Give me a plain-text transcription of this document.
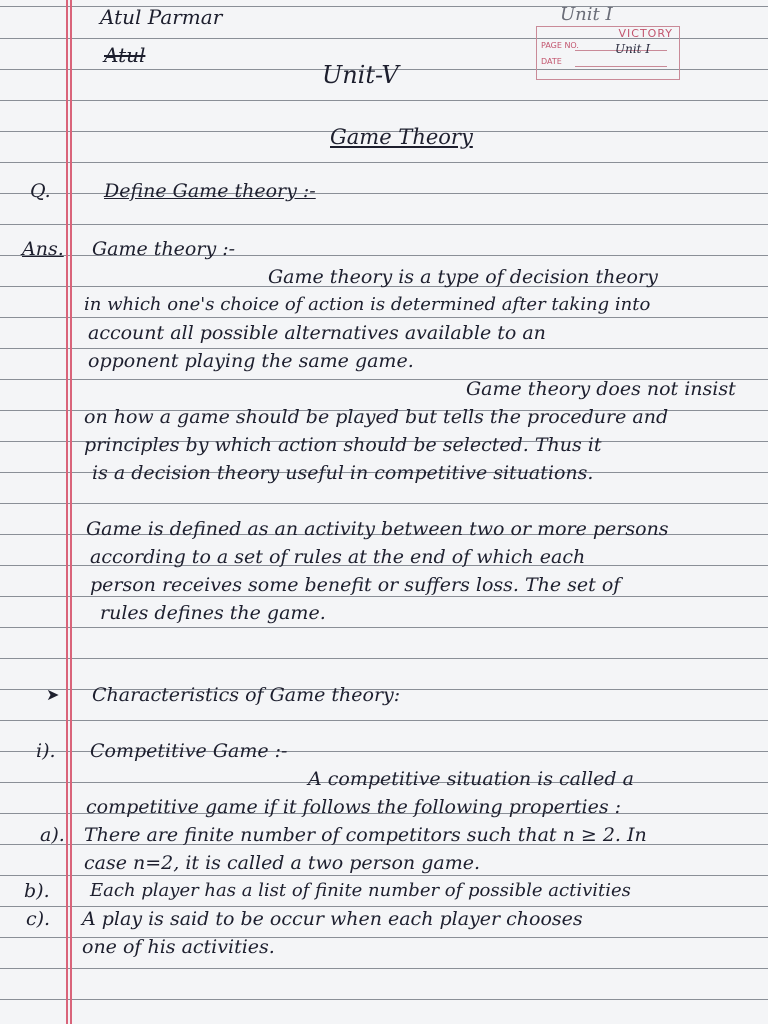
Unit I
VICTORY
PAGE NO.
DATE
Unit I
Atul Parmar
Atul
Unit-V
Game Theory
Q.	Define Game theory :-
Ans. Game theory :-
Game theory is a type of decision theory
in which one's choice of action is determined after taking into
account all possible alternatives available to an
opponent playing the same game.
Game theory does not insist
on how a game should be played but tells the procedure and
principles by which action should be selected. Thus it
is a decision theory useful in competitive situations.
Game is defined as an activity between two or more persons
according to a set of rules at the end of which each
person receives some benefit or suffers loss. The set of
rules defines the game.
➤ Characteristics of Game theory:
i). Competitive Game :-
A competitive situation is called a
competitive game if it follows the following properties :
a). There are finite number of competitors such that n ≥ 2. In
case n=2, it is called a two person game.
b). Each player has a list of finite number of possible activities
c). A play is said to be occur when each player chooses
one of his activities.
